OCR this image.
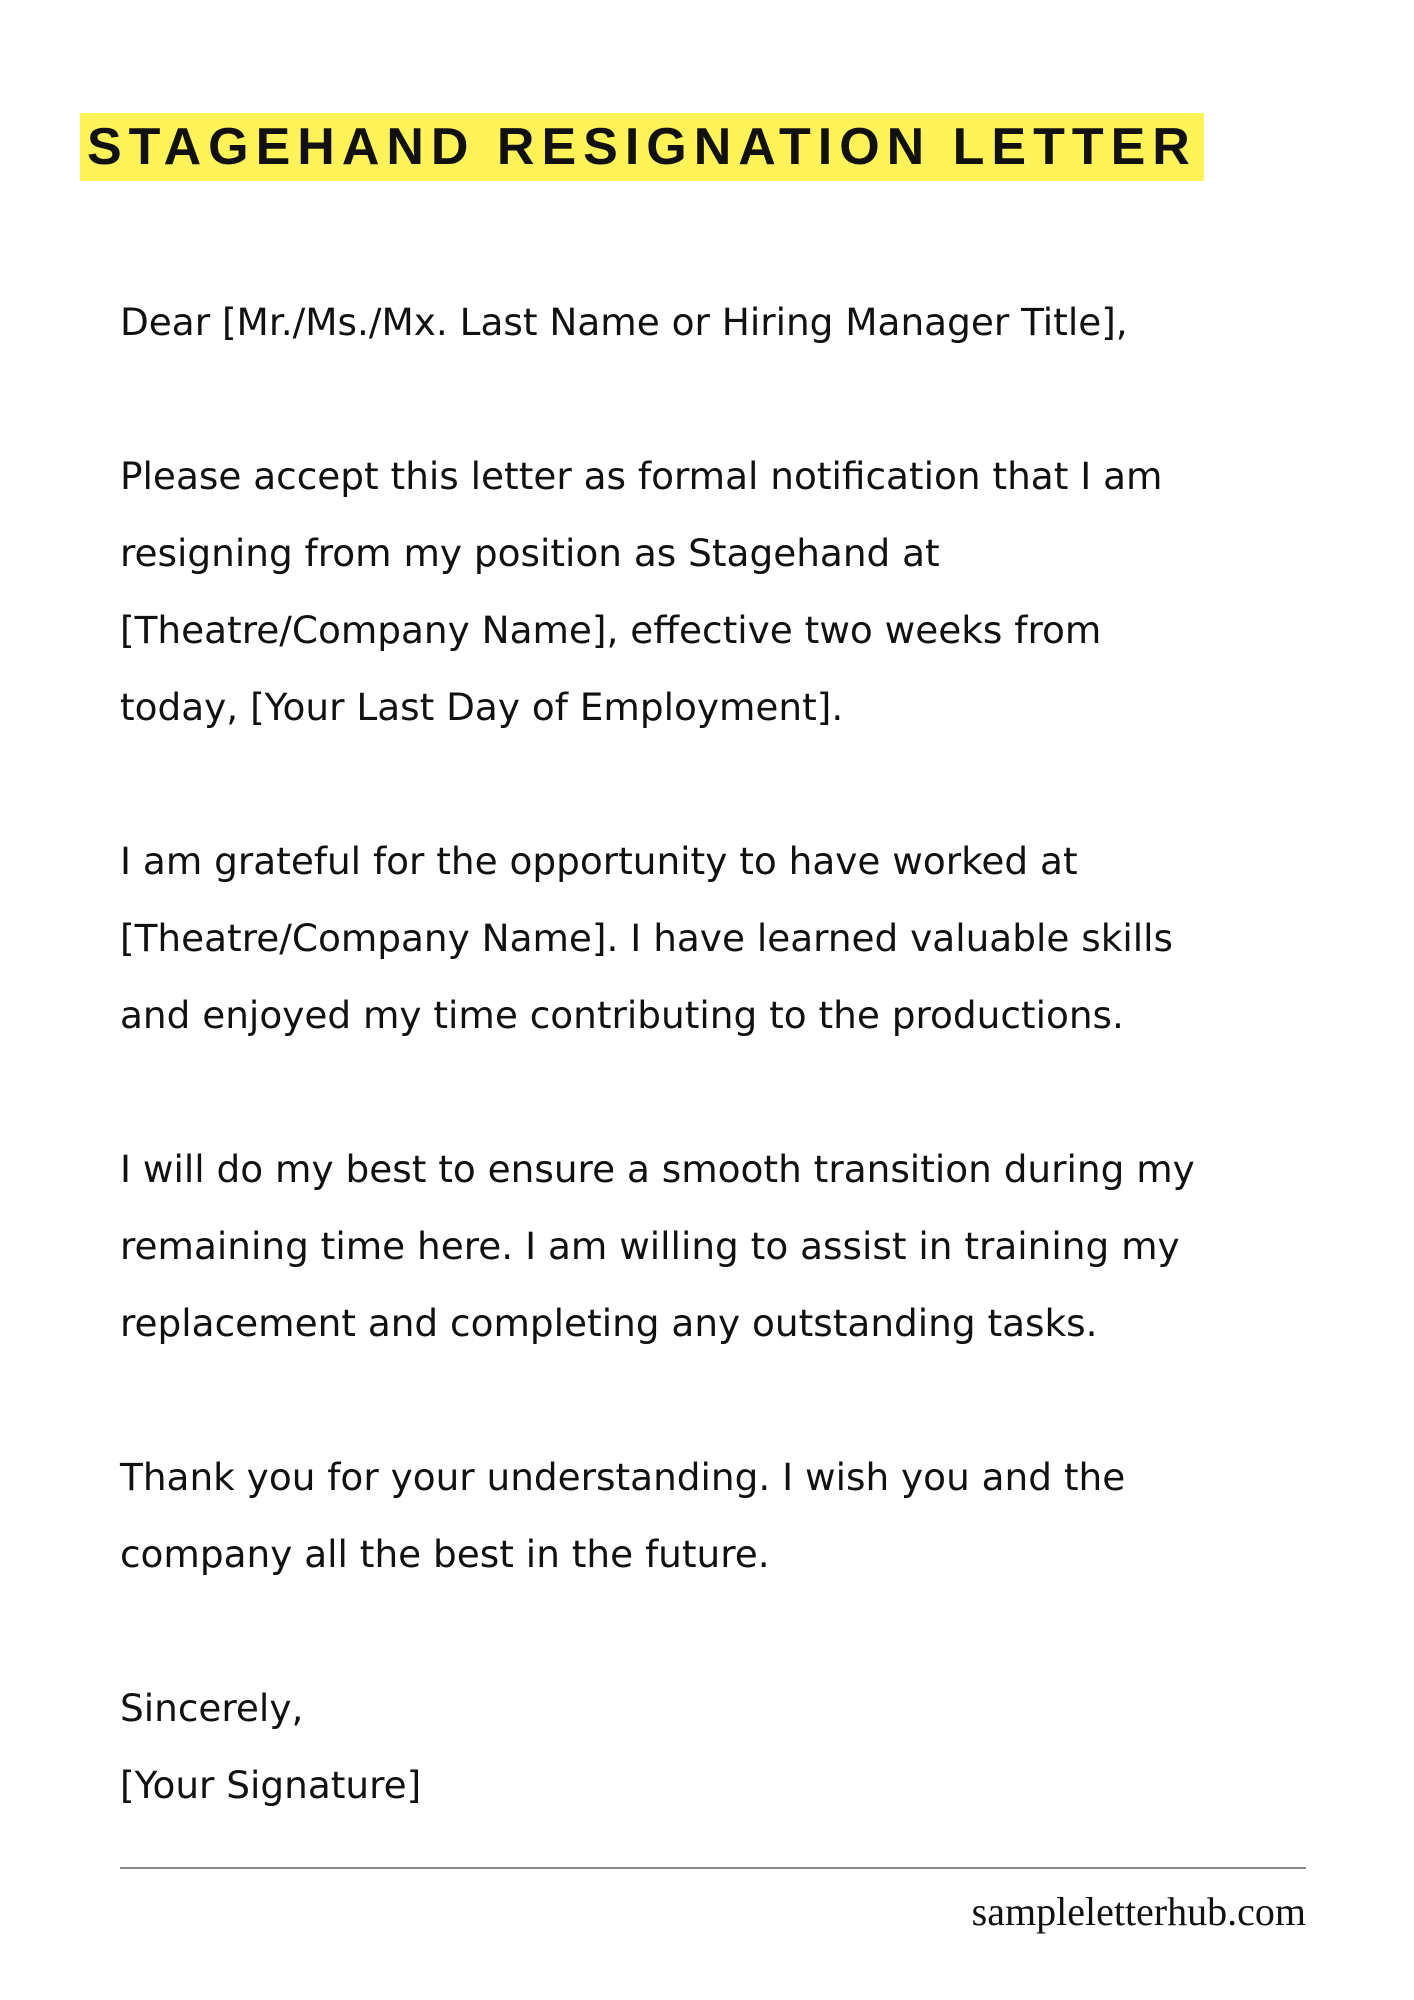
STAGEHAND RESIGNATION LETTER

Dear [Mr./Ms./Mx. Last Name or Hiring Manager Title],

Please accept this letter as formal notification that I am
resigning from my position as Stagehand at
[Theatre/Company Name], effective two weeks from
today, [Your Last Day of Employment].

I am grateful for the opportunity to have worked at
[Theatre/Company Name]. I have learned valuable skills
and enjoyed my time contributing to the productions.

I will do my best to ensure a smooth transition during my
remaining time here. I am willing to assist in training my
replacement and completing any outstanding tasks.

Thank you for your understanding. I wish you and the
company all the best in the future.

Sincerely,
[Your Signature]
sampleletterhub.com
